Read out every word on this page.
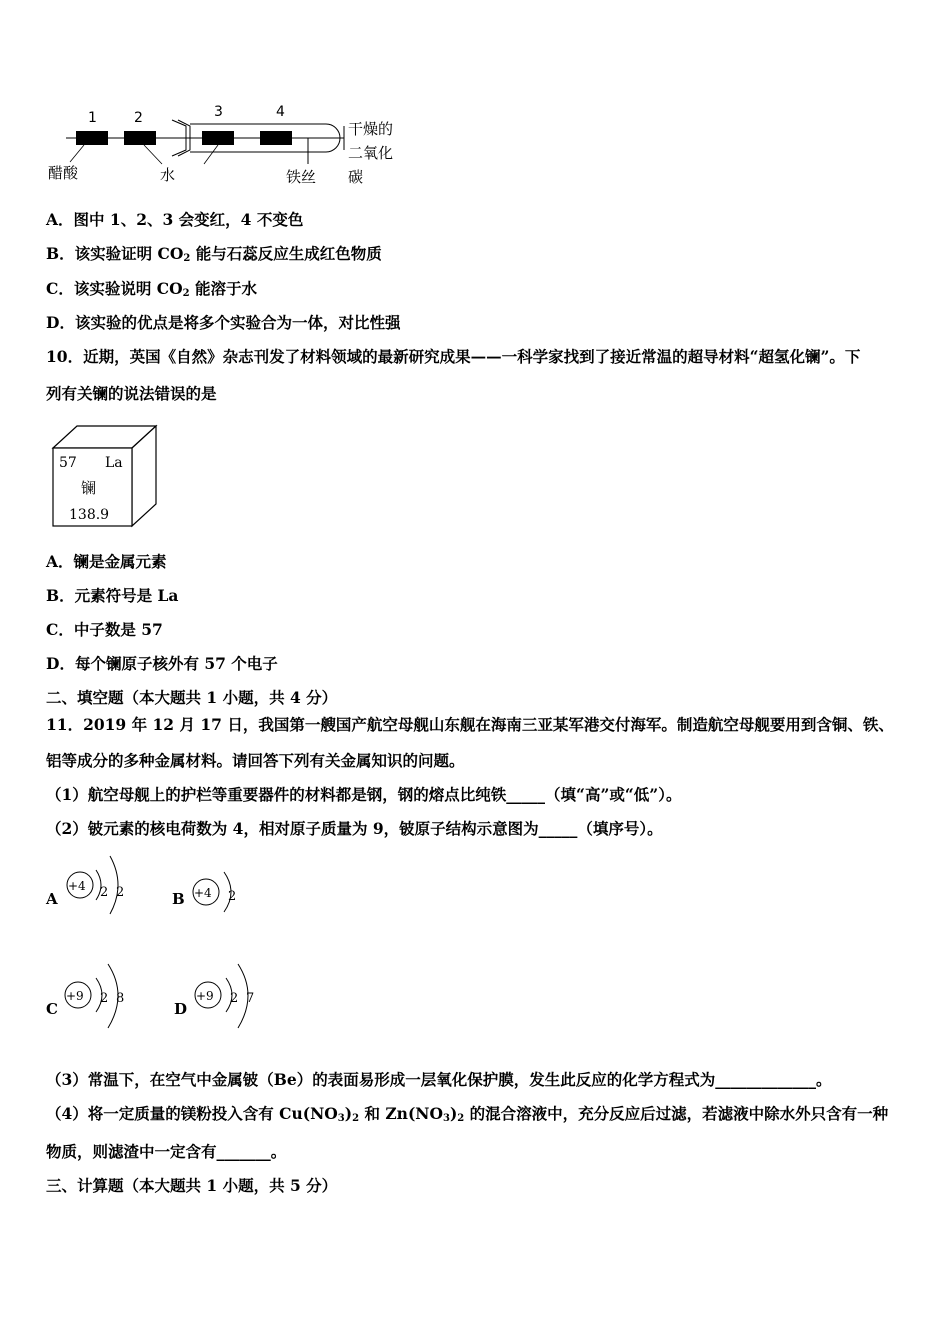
1	2	3	4
醋酸	水	铁丝
干燥的
二氧化
碳
A．图中 1、2、3 会变红，4 不变色
B．该实验证明 $CO_2$ 能与石蕊反应生成红色物质
C．该实验说明 $CO_2$ 能溶于水
D．该实验的优点是将多个实验合为一体，对比性强
10．近期，英国《自然》杂志刊发了材料领域的最新研究成果——一科学家找到了接近常温的超导材料“超氢化镧”。下
列有关镧的说法错误的是
57 La
镧
138.9
A．镧是金属元素
B．元素符号是 La
C．中子数是 57
D．每个镧原子核外有 57 个电子
二、填空题（本大题共 1 小题，共 4 分）
11．2019 年 12 月 17 日，我国第一艘国产航空母舰山东舰在海南三亚某军港交付海军。制造航空母舰要用到含铜、铁、
铝等成分的多种金属材料。请回答下列有关金属知识的问题。
（1）航空母舰上的护栏等重要器件的材料都是钢，钢的熔点比纯铁_____（填“高”或“低”）。
（2）铍元素的核电荷数为 4，相对原子质量为 9，铍原子结构示意图为_____（填序号）。
A
+4 2 2	B +4 2
C
+9 2 8
D
+9 2 7
（3）常温下，在空气中金属铍（Be）的表面易形成一层氧化保护膜，发生此反应的化学方程式为_____________。
（4）将一定质量的镁粉投入含有 $Cu(NO_3)_2$ 和 $Zn(NO_3)_2$ 的混合溶液中，充分反应后过滤，若滤液中除水外只含有一种
物质，则滤渣中一定含有_______。
三、计算题（本大题共 1 小题，共 5 分）
